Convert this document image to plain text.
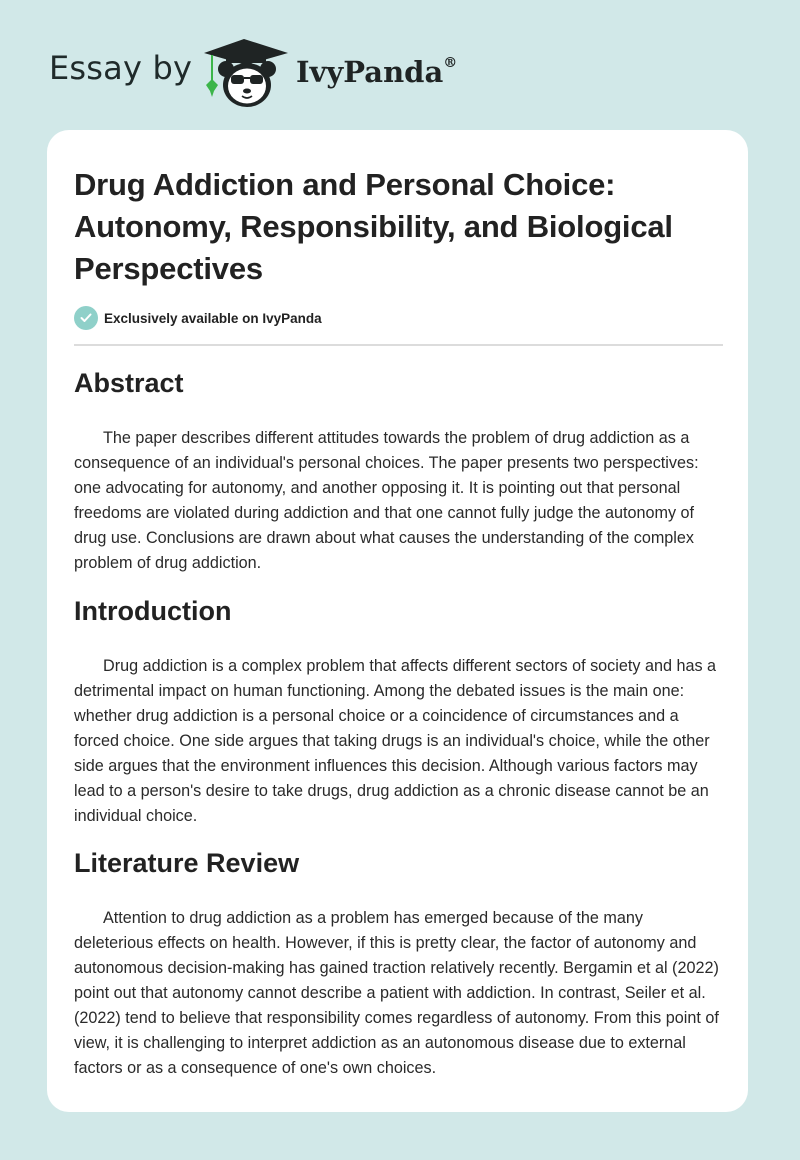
Essay by	IvyPanda®
Drug Addiction and Personal Choice: Autonomy, Responsibility, and Biological Perspectives
Exclusively available on IvyPanda
Abstract

The paper describes different attitudes towards the problem of drug addiction as a consequence of an individual's personal choices. The paper presents two perspectives: one advocating for autonomy, and another opposing it. It is pointing out that personal freedoms are violated during addiction and that one cannot fully judge the autonomy of drug use. Conclusions are drawn about what causes the understanding of the complex problem of drug addiction.

Introduction

Drug addiction is a complex problem that affects different sectors of society and has a detrimental impact on human functioning. Among the debated issues is the main one: whether drug addiction is a personal choice or a coincidence of circumstances and a forced choice. One side argues that taking drugs is an individual's choice, while the other side argues that the environment influences this decision. Although various factors may lead to a person's desire to take drugs, drug addiction as a chronic disease cannot be an individual choice.

Literature Review

Attention to drug addiction as a problem has emerged because of the many deleterious effects on health. However, if this is pretty clear, the factor of autonomy and autonomous decision-making has gained traction relatively recently. Bergamin et al (2022) point out that autonomy cannot describe a patient with addiction. In contrast, Seiler et al. (2022) tend to believe that responsibility comes regardless of autonomy. From this point of view, it is challenging to interpret addiction as an autonomous disease due to external factors or as a consequence of one's own choices.
